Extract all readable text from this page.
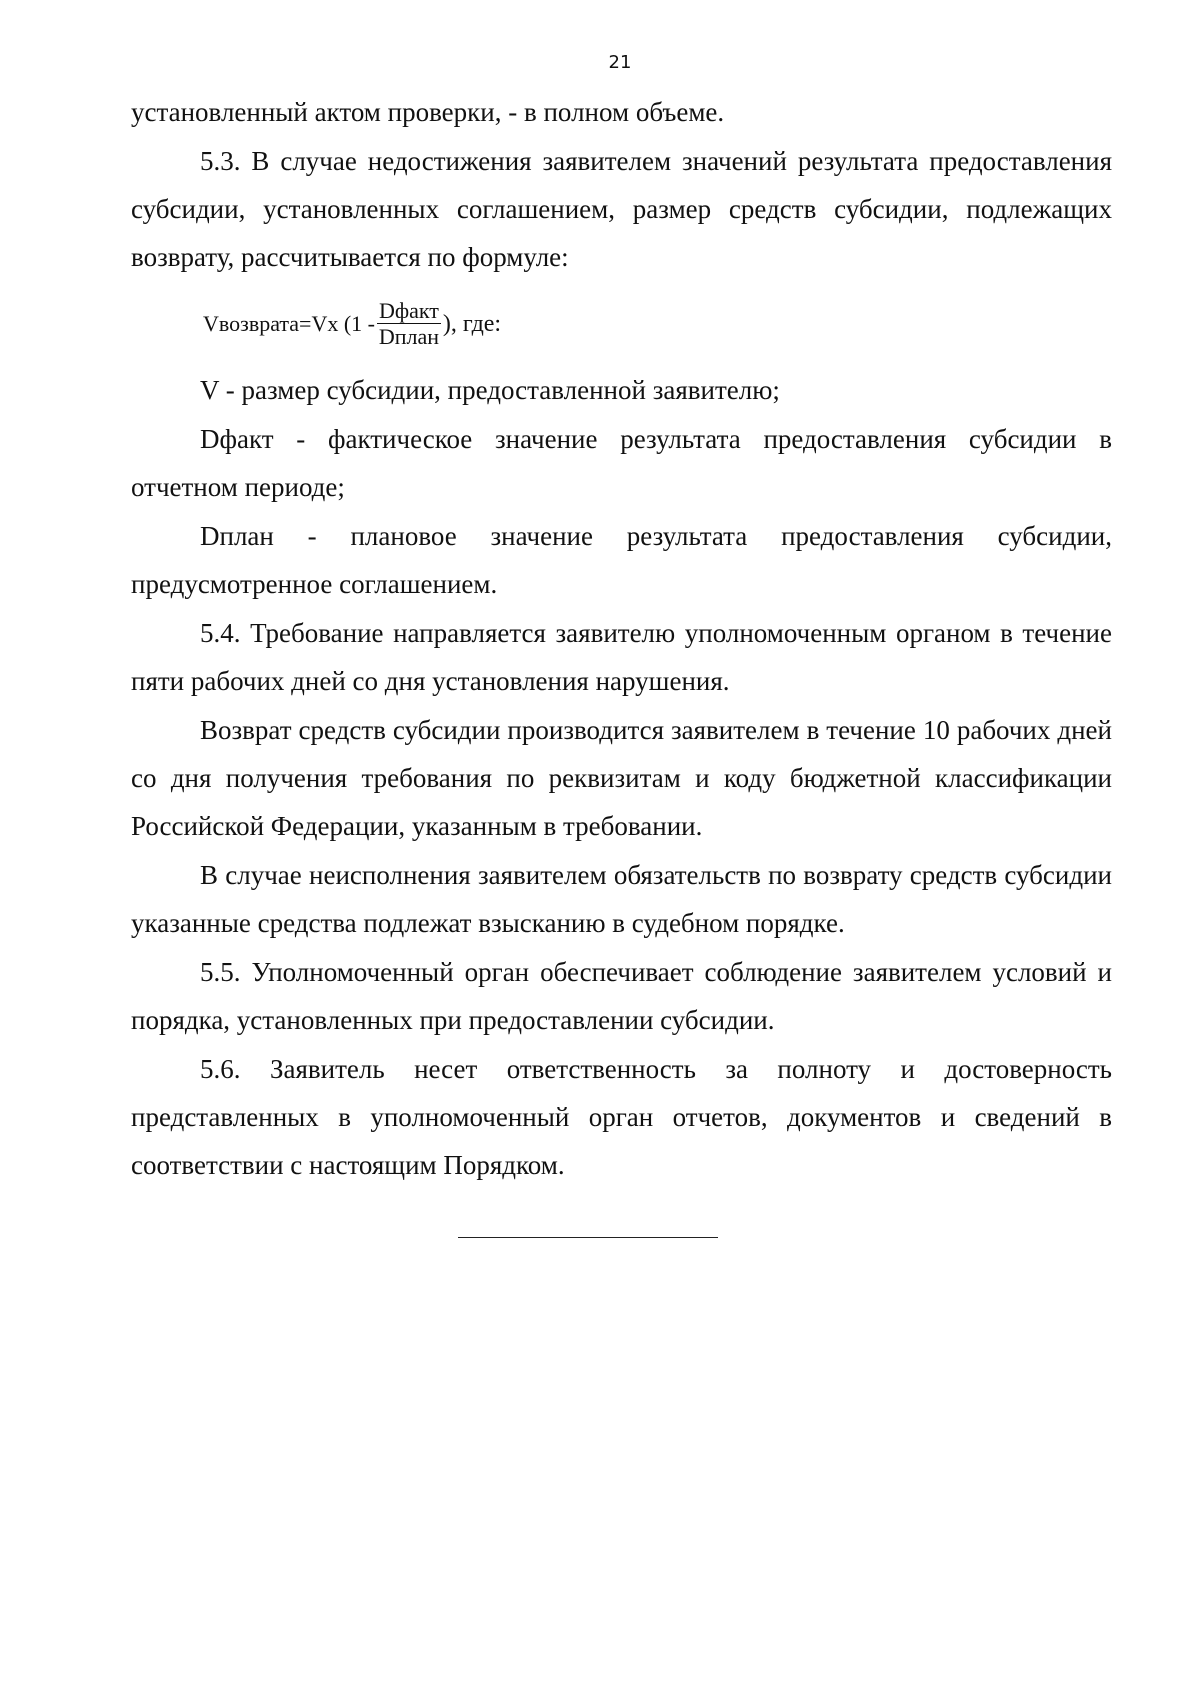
21

установленный актом проверки, - в полном объеме.

5.3. В случае недостижения заявителем значений результата предоставления субсидии, установленных соглашением, размер средств субсидии, подлежащих возврату, рассчитывается по формуле:

Vвозврата=Vx ($1 - \frac{\text{Dфакт}}{\text{Dплан}}$ ), где:

V - размер субсидии, предоставленной заявителю;

Dфакт - фактическое значение результата предоставления субсидии в отчетном периоде;

Dплан - плановое значение результата предоставления субсидии, предусмотренное соглашением.

5.4. Требование направляется заявителю уполномоченным органом в течение пяти рабочих дней со дня установления нарушения.

Возврат средств субсидии производится заявителем в течение 10 рабочих дней со дня получения требования по реквизитам и коду бюджетной классификации Российской Федерации, указанным в требовании.

В случае неисполнения заявителем обязательств по возврату средств субсидии указанные средства подлежат взысканию в судебном порядке.

5.5. Уполномоченный орган обеспечивает соблюдение заявителем условий и порядка, установленных при предоставлении субсидии.

5.6. Заявитель несет ответственность за полноту и достоверность представленных в уполномоченный орган отчетов, документов и сведений в соответствии с настоящим Порядком.
